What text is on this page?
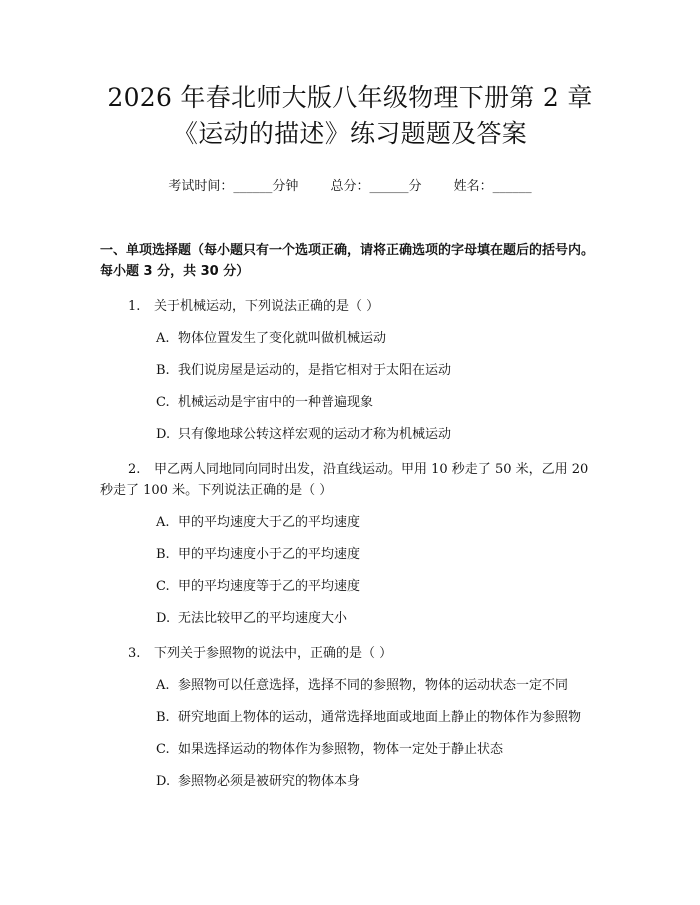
2026 年春北师大版八年级物理下册第 2 章
《运动的描述》练习题题及答案
考试时间：______分钟 总分：______分 姓名：______
一、单项选择题（每小题只有一个选项正确，请将正确选项的字母填在题后的括号内。每小题 3 分，共 30 分）
1. 关于机械运动，下列说法正确的是（ ）
A. 物体位置发生了变化就叫做机械运动
B. 我们说房屋是运动的，是指它相对于太阳在运动
C. 机械运动是宇宙中的一种普遍现象
D. 只有像地球公转这样宏观的运动才称为机械运动
2. 甲乙两人同地同向同时出发，沿直线运动。甲用 10 秒走了 50 米，乙用 20 秒走了 100 米。下列说法正确的是（ ）
A. 甲的平均速度大于乙的平均速度
B. 甲的平均速度小于乙的平均速度
C. 甲的平均速度等于乙的平均速度
D. 无法比较甲乙的平均速度大小
3. 下列关于参照物的说法中，正确的是（ ）
A. 参照物可以任意选择，选择不同的参照物，物体的运动状态一定不同
B. 研究地面上物体的运动，通常选择地面或地面上静止的物体作为参照物
C. 如果选择运动的物体作为参照物，物体一定处于静止状态
D. 参照物必须是被研究的物体本身
